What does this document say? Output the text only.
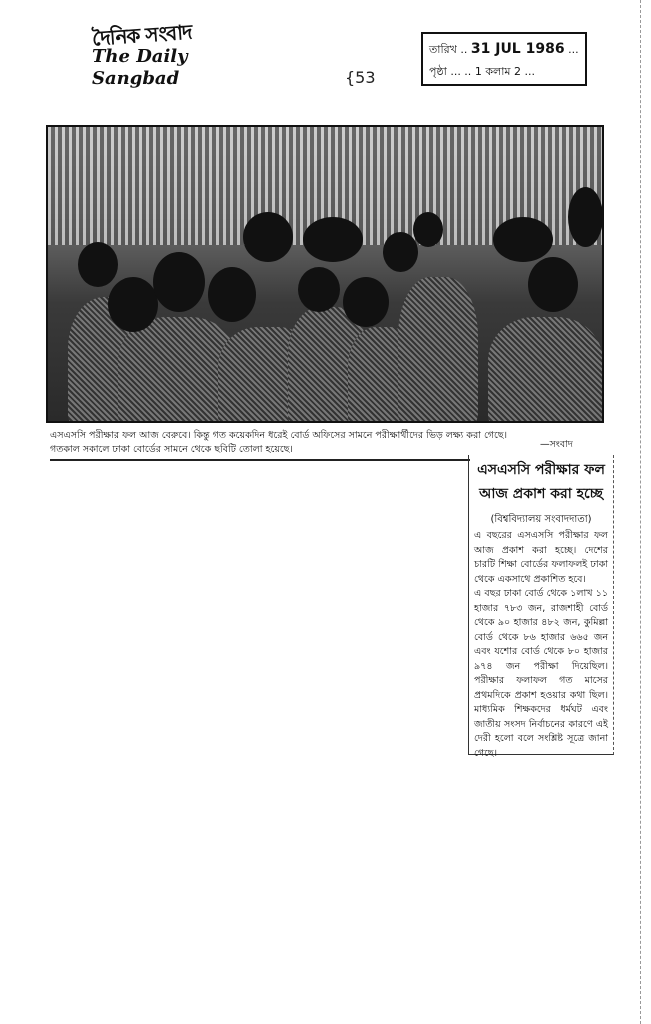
দৈনিক সংবাদ
The Daily Sangbad	{53
তারিখ .. 31 JUL 1986 ...
পৃষ্ঠা ... .. 1 কলাম 2 ...
এসএসসি পরীক্ষার ফল আজ বেরুবে। কিন্তু গত কয়েকদিন ধরেই বোর্ড অফিসের সামনে পরীক্ষার্থীদের ভিড় লক্ষ্য করা গেছে।
গতকাল সকালে ঢাকা বোর্ডের সামনে থেকে ছবিটি তোলা হয়েছে।	—সংবাদ
এসএসসি পরীক্ষার ফল আজ প্রকাশ করা হচ্ছে
(বিশ্ববিদ্যালয় সংবাদদাতা)
এ বছরের এসএসসি পরীক্ষার ফল আজ প্রকাশ করা হচ্ছে। দেশের চারটি শিক্ষা বোর্ডের ফলাফলই ঢাকা থেকে একসাথে প্রকাশিত হবে।
এ বছর ঢাকা বোর্ড থেকে ১লাখ ১১ হাজার ৭৮৩ জন, রাজশাহী বোর্ড থেকে ৯০ হাজার ৪৮২ জন, কুমিল্লা বোর্ড থেকে ৮৬ হাজার ৬৬৫ জন এবং যশোর বোর্ড থেকে ৮০ হাজার ৯৭৪ জন পরীক্ষা দিয়েছিল। পরীক্ষার ফলাফল গত মাসের প্রথমদিকে প্রকাশ হওয়ার কথা ছিল। মাধ্যমিক শিক্ষকদের ধর্মঘট এবং জাতীয় সংসদ নির্বাচনের কারণে এই দেরী হলো বলে সংশ্লিষ্ট সূত্রে জানা গেছে।
